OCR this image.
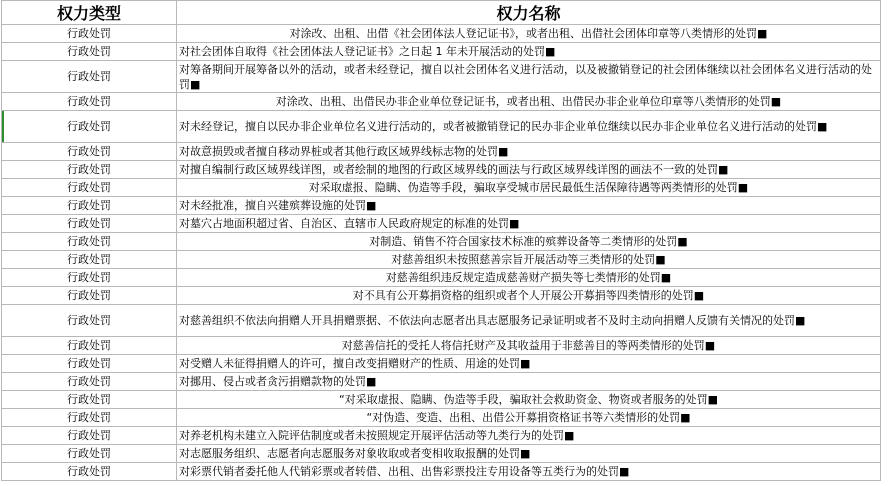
权力类型	权力名称
行政处罚	对涂改、出租、出借《社会团体法人登记证书》，或者出租、出借社会团体印章等八类情形的处罚■
行政处罚	对社会团体自取得《社会团体法人登记证书》之日起 1 年未开展活动的处罚■
行政处罚	对筹备期间开展筹备以外的活动，或者未经登记，擅自以社会团体名义进行活动，以及被撤销登记的社会团体继续以社会团体名义进行活动的处罚■
行政处罚	对涂改、出租、出借民办非企业单位登记证书，或者出租、出借民办非企业单位印章等八类情形的处罚■
行政处罚	对未经登记，擅自以民办非企业单位名义进行活动的，或者被撤销登记的民办非企业单位继续以民办非企业单位名义进行活动的处罚■
行政处罚	对故意损毁或者擅自移动界桩或者其他行政区域界线标志物的处罚■
行政处罚	对擅自编制行政区域界线详图，或者绘制的地图的行政区域界线的画法与行政区域界线详图的画法不一致的处罚■
行政处罚	对采取虚报、隐瞒、伪造等手段，骗取享受城市居民最低生活保障待遇等两类情形的处罚■
行政处罚	对未经批准，擅自兴建殡葬设施的处罚■
行政处罚	对墓穴占地面积超过省、自治区、直辖市人民政府规定的标准的处罚■
行政处罚	对制造、销售不符合国家技术标准的殡葬设备等二类情形的处罚■
行政处罚	对慈善组织未按照慈善宗旨开展活动等三类情形的处罚■
行政处罚	对慈善组织违反规定造成慈善财产损失等七类情形的处罚■
行政处罚	对不具有公开募捐资格的组织或者个人开展公开募捐等四类情形的处罚■
行政处罚	对慈善组织不依法向捐赠人开具捐赠票据、不依法向志愿者出具志愿服务记录证明或者不及时主动向捐赠人反馈有关情况的处罚■
行政处罚	对慈善信托的受托人将信托财产及其收益用于非慈善目的等两类情形的处罚■
行政处罚	对受赠人未征得捐赠人的许可，擅自改变捐赠财产的性质、用途的处罚■
行政处罚	对挪用、侵占或者贪污捐赠款物的处罚■
行政处罚	“对采取虚报、隐瞒、伪造等手段，骗取社会救助资金、物资或者服务的处罚■
行政处罚	“对伪造、变造、出租、出借公开募捐资格证书等六类情形的处罚■
行政处罚	对养老机构未建立入院评估制度或者未按照规定开展评估活动等九类行为的处罚■
行政处罚	对志愿服务组织、志愿者向志愿服务对象收取或者变相收取报酬的处罚■
行政处罚	对彩票代销者委托他人代销彩票或者转借、出租、出售彩票投注专用设备等五类行为的处罚■
